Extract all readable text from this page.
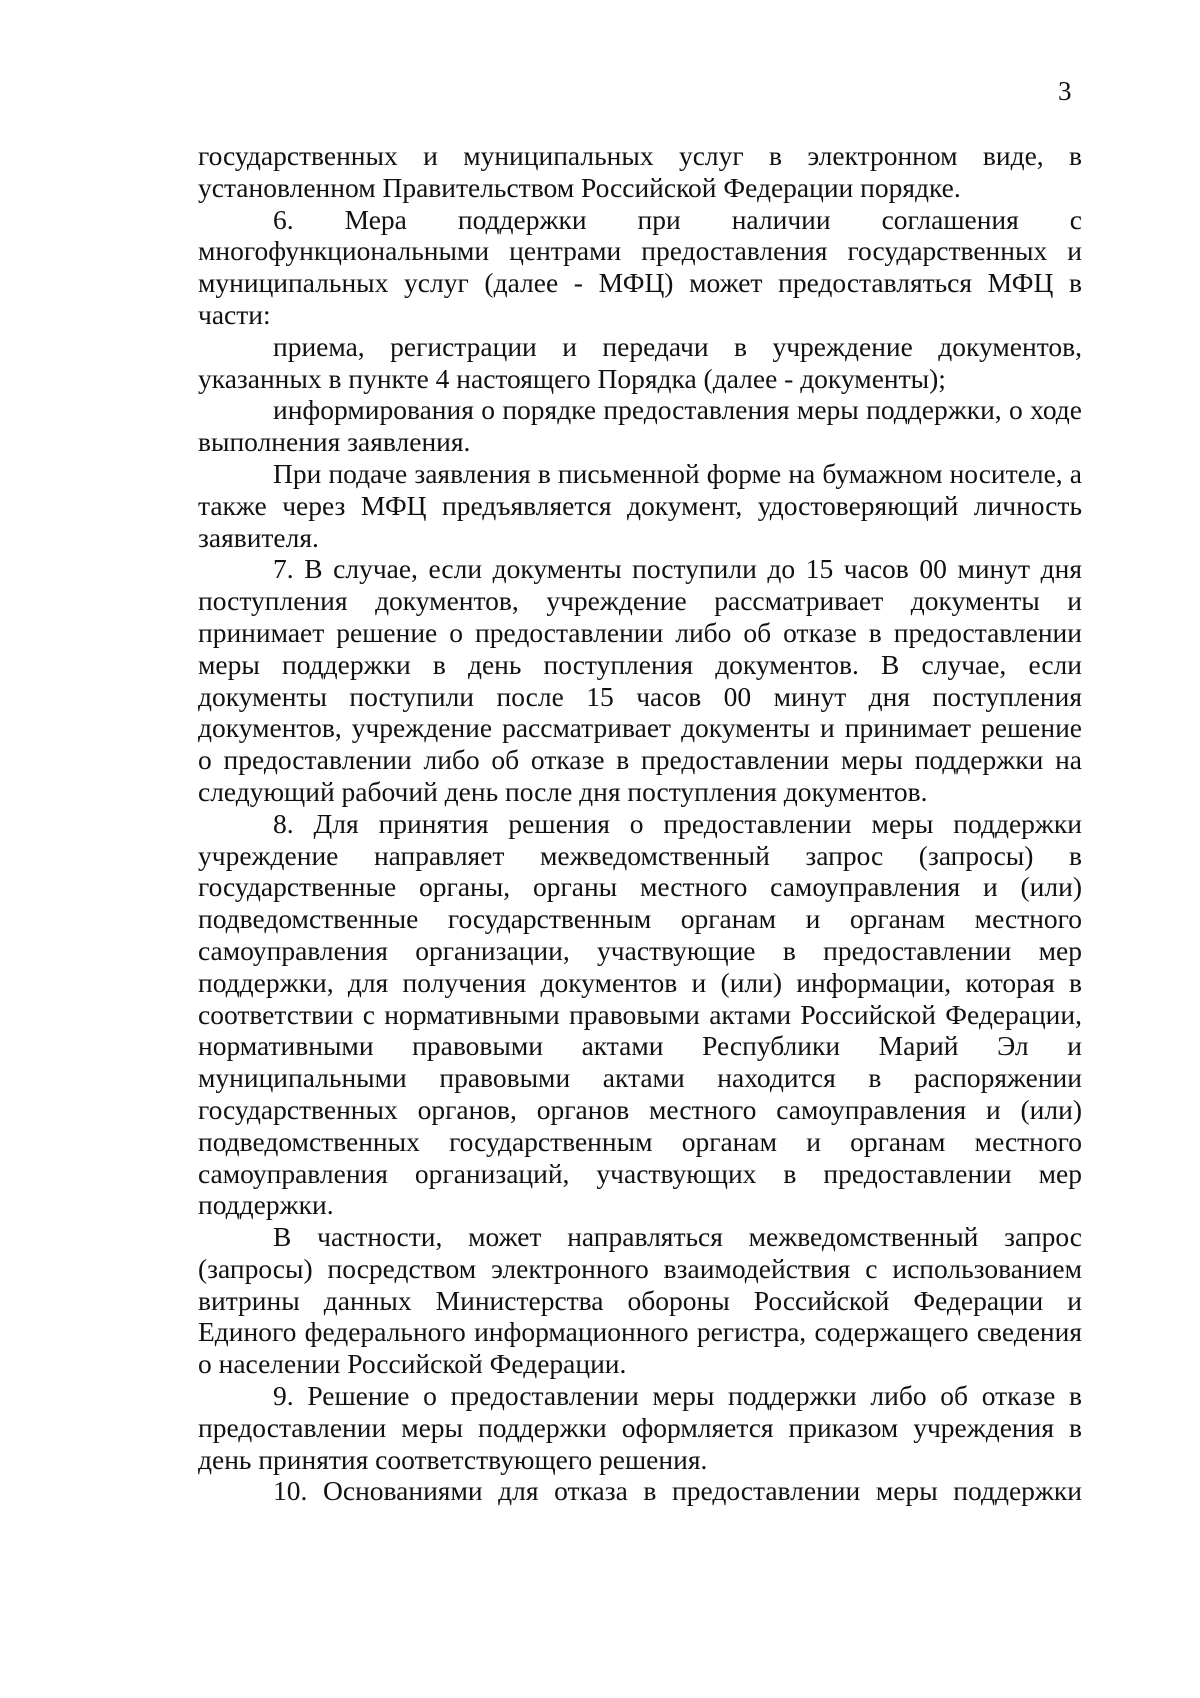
3

государственных и муниципальных услуг в электронном виде, в установленном Правительством Российской Федерации порядке.

6. Мера поддержки при наличии соглашения с многофункциональными центрами предоставления государственных и муниципальных услуг (далее - МФЦ) может предоставляться МФЦ в части:

приема, регистрации и передачи в учреждение документов, указанных в пункте 4 настоящего Порядка (далее - документы);

информирования о порядке предоставления меры поддержки, о ходе выполнения заявления.

При подаче заявления в письменной форме на бумажном носителе, а также через МФЦ предъявляется документ, удостоверяющий личность заявителя.

7. В случае, если документы поступили до 15 часов 00 минут дня поступления документов, учреждение рассматривает документы и принимает решение о предоставлении либо об отказе в предоставлении меры поддержки в день поступления документов. В случае, если документы поступили после 15 часов 00 минут дня поступления документов, учреждение рассматривает документы и принимает решение о предоставлении либо об отказе в предоставлении меры поддержки на следующий рабочий день после дня поступления документов.

8. Для принятия решения о предоставлении меры поддержки учреждение направляет межведомственный запрос (запросы) в государственные органы, органы местного самоуправления и (или) подведомственные государственным органам и органам местного самоуправления организации, участвующие в предоставлении мер поддержки, для получения документов и (или) информации, которая в соответствии с нормативными правовыми актами Российской Федерации, нормативными правовыми актами Республики Марий Эл и муниципальными правовыми актами находится в распоряжении государственных органов, органов местного самоуправления и (или) подведомственных государственным органам и органам местного самоуправления организаций, участвующих в предоставлении мер поддержки.

В частности, может направляться межведомственный запрос (запросы) посредством электронного взаимодействия с использованием витрины данных Министерства обороны Российской Федерации и Единого федерального информационного регистра, содержащего сведения о населении Российской Федерации.

9. Решение о предоставлении меры поддержки либо об отказе в предоставлении меры поддержки оформляется приказом учреждения в день принятия соответствующего решения.

10. Основаниями для отказа в предоставлении меры поддержки
